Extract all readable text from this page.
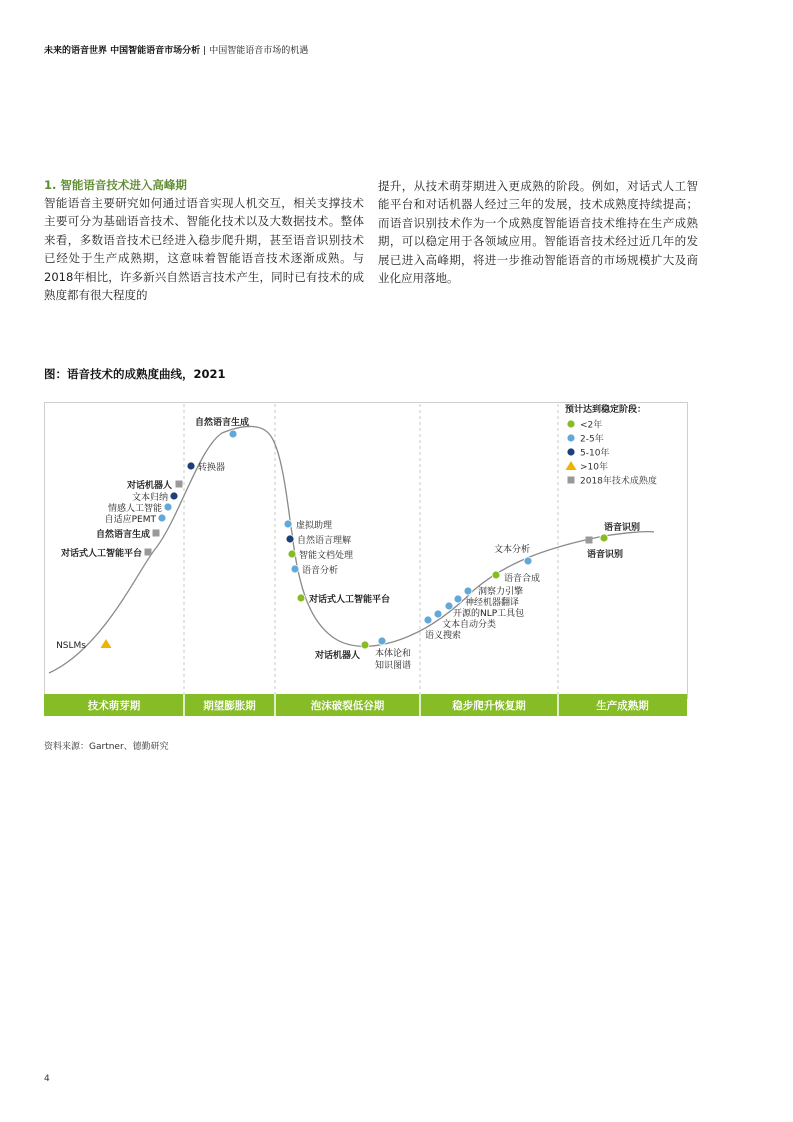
未来的语音世界 中国智能语音市场分析 | 中国智能语音市场的机遇
1. 智能语音技术进入高峰期
智能语音主要研究如何通过语音实现人机交互，相关支撑技术主要可分为基础语音技术、智能化技术以及大数据技术。整体来看，多数语音技术已经进入稳步爬升期，甚至语音识别技术已经处于生产成熟期，这意味着智能语音技术逐渐成熟。与2018年相比，许多新兴自然语言技术产生，同时已有技术的成熟度都有很大程度的
提升，从技术萌芽期进入更成熟的阶段。例如，对话式人工智能平台和对话机器人经过三年的发展，技术成熟度持续提高；而语音识别技术作为一个成熟度智能语音技术维持在生产成熟期，可以稳定用于各领域应用。智能语音技术经过近几年的发展已进入高峰期，将进一步推动智能语音的市场规模扩大及商业化应用落地。
图：语音技术的成熟度曲线，2021
预计达到稳定阶段：
<2年
2-5年
5-10年
>10年
2018年技术成熟度
NSLMs
对话式人工智能平台
自然语言生成
自适应PEMT
情感人工智能
文本归纳
对话机器人
转换器
自然语言生成
虚拟助理
自然语言理解
智能文档处理
语音分析
对话式人工智能平台
对话机器人 本体论和
知识图谱
语义搜索
文本自动分类
开源的NLP工具包
神经机器翻译
洞察力引擎
语音合成
文本分析	语音识别
语音识别
技术萌芽期	期望膨胀期	泡沫破裂低谷期	稳步爬升恢复期	生产成熟期
资料来源：Gartner、德勤研究
4
